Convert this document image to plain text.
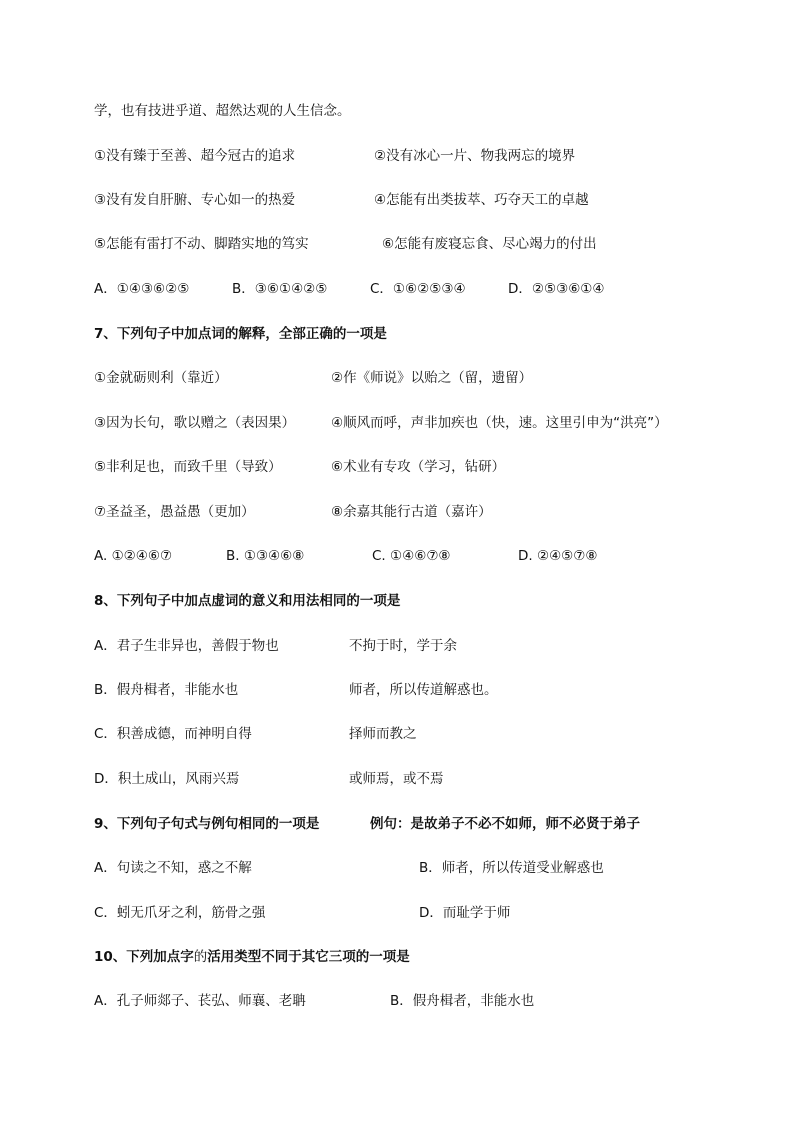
学，也有技进乎道、超然达观的人生信念。
①没有臻于至善、超今冠古的追求	②没有冰心一片、物我两忘的境界
③没有发自肝腑、专心如一的热爱	④怎能有出类拔萃、巧夺天工的卓越
⑤怎能有雷打不动、脚踏实地的笃实	⑥怎能有废寝忘食、尽心竭力的付出
A．①④③⑥②⑤	B．③⑥①④②⑤	C．①⑥②⑤③④	D．②⑤③⑥①④
7、下列句子中加点词的解释，全部正确的一项是
①金就砺则利（靠近）	②作《师说》以贻之（留，遗留）
③因为长句，歌以赠之（表因果）	④顺风而呼，声非加疾也（快，速。这里引申为“洪亮”）
⑤非利足也，而致千里（导致）	⑥术业有专攻（学习，钻研）
⑦圣益圣，愚益愚（更加）	⑧余嘉其能行古道（嘉许）
A. ①②④⑥⑦	B. ①③④⑥⑧	C. ①④⑥⑦⑧	D. ②④⑤⑦⑧
8、下列句子中加点虚词的意义和用法相同的一项是
A．君子生非异也，善假于物也	不拘于时，学于余
B．假舟楫者，非能水也	师者，所以传道解惑也。
C．积善成德，而神明自得	择师而教之
D．积土成山，风雨兴焉	或师焉，或不焉
9、下列句子句式与例句相同的一项是	例句：是故弟子不必不如师，师不必贤于弟子
A．句读之不知，惑之不解	B．师者，所以传道受业解惑也
C．蚓无爪牙之利，筋骨之强	D．而耻学于师
10、下列加点字的活用类型不同于其它三项的一项是
A．孔子师郯子、苌弘、师襄、老聃	B．假舟楫者，非能水也
